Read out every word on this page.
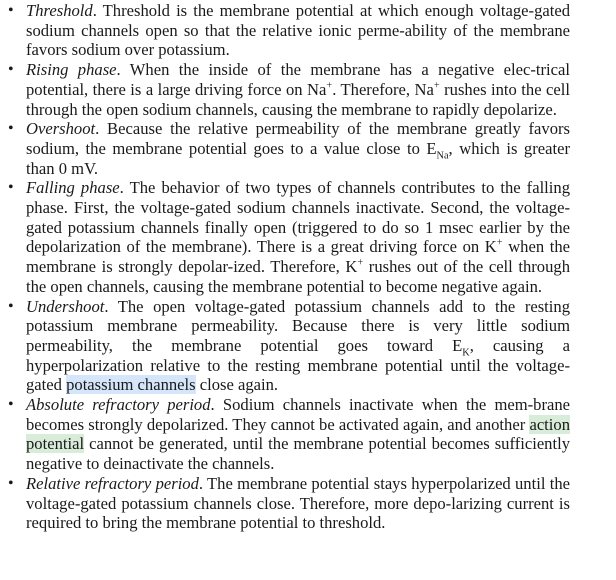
• Threshold. Threshold is the membrane potential at which enough voltage-gated sodium channels open so that the relative ionic perme-ability of the membrane favors sodium over potassium.
• Rising phase. When the inside of the membrane has a negative elec-trical potential, there is a large driving force on Na+. Therefore, Na+ rushes into the cell through the open sodium channels, causing the membrane to rapidly depolarize.
• Overshoot. Because the relative permeability of the membrane greatly favors sodium, the membrane potential goes to a value close to $E_{Na}$, which is greater than 0 mV.
• Falling phase. The behavior of two types of channels contributes to the falling phase. First, the voltage-gated sodium channels inactivate. Second, the voltage-gated potassium channels finally open (triggered to do so 1 msec earlier by the depolarization of the membrane). There is a great driving force on K+ when the membrane is strongly depolar-ized. Therefore, K+ rushes out of the cell through the open channels, causing the membrane potential to become negative again.
• Undershoot. The open voltage-gated potassium channels add to the resting potassium membrane permeability. Because there is very little sodium permeability, the membrane potential goes toward $E_K$, causing a hyperpolarization relative to the resting membrane potential until the voltage-gated potassium channels close again.
• Absolute refractory period. Sodium channels inactivate when the mem-brane becomes strongly depolarized. They cannot be activated again, and another action potential cannot be generated, until the membrane potential becomes sufficiently negative to deinactivate the channels.
• Relative refractory period. The membrane potential stays hyperpolarized until the voltage-gated potassium channels close. Therefore, more depo-larizing current is required to bring the membrane potential to threshold.
